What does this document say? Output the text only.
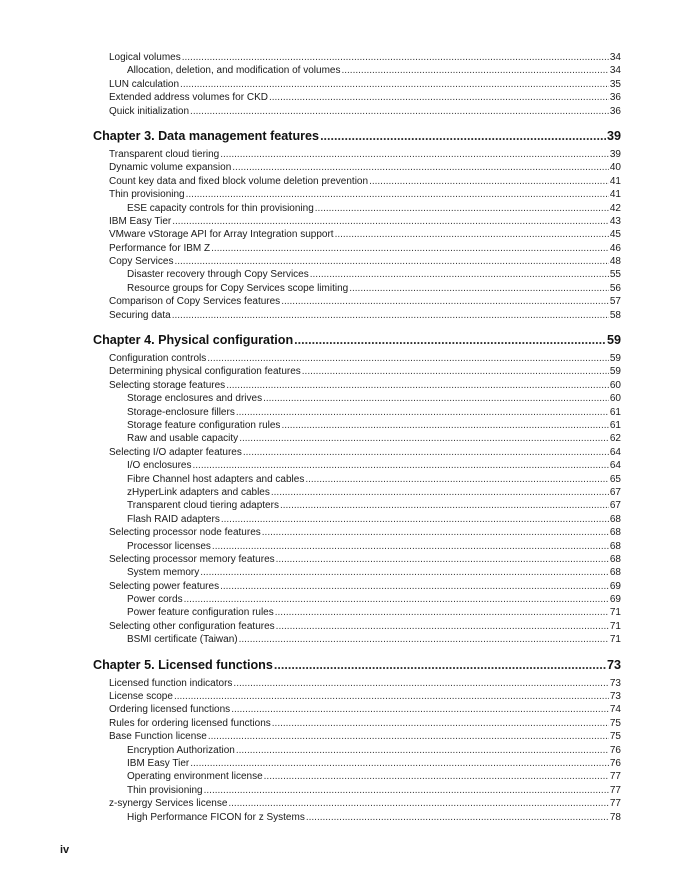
Logical volumes .....	34
Allocation, deletion, and modification of volumes .....	34
LUN calculation .....	35
Extended address volumes for CKD .....	36
Quick initialization .....	36
Chapter 3. Data management features .....	39
Transparent cloud tiering .....	39
Dynamic volume expansion .....	40
Count key data and fixed block volume deletion prevention .....	41
Thin provisioning .....	41
ESE capacity controls for thin provisioning .....	42
IBM Easy Tier .....	43
VMware vStorage API for Array Integration support .....	45
Performance for IBM Z .....	46
Copy Services .....	48
Disaster recovery through Copy Services .....	55
Resource groups for Copy Services scope limiting .....	56
Comparison of Copy Services features .....	57
Securing data .....	58
Chapter 4. Physical configuration .....	59
Configuration controls .....	59
Determining physical configuration features .....	59
Selecting storage features .....	60
Storage enclosures and drives .....	60
Storage-enclosure fillers .....	61
Storage feature configuration rules .....	61
Raw and usable capacity .....	62
Selecting I/O adapter features .....	64
I/O enclosures .....	64
Fibre Channel host adapters and cables .....	65
zHyperLink adapters and cables .....	67
Transparent cloud tiering adapters .....	67
Flash RAID adapters .....	68
Selecting processor node features .....	68
Processor licenses .....	68
Selecting processor memory features .....	68
System memory .....	68
Selecting power features .....	69
Power cords .....	69
Power feature configuration rules .....	71
Selecting other configuration features .....	71
BSMI certificate (Taiwan) .....	71
Chapter 5. Licensed functions .....	73
Licensed function indicators .....	73
License scope .....	73
Ordering licensed functions .....	74
Rules for ordering licensed functions .....	75
Base Function license .....	75
Encryption Authorization .....	76
IBM Easy Tier .....	76
Operating environment license .....	77
Thin provisioning .....	77
z-synergy Services license .....	77
High Performance FICON for z Systems .....	78
iv
